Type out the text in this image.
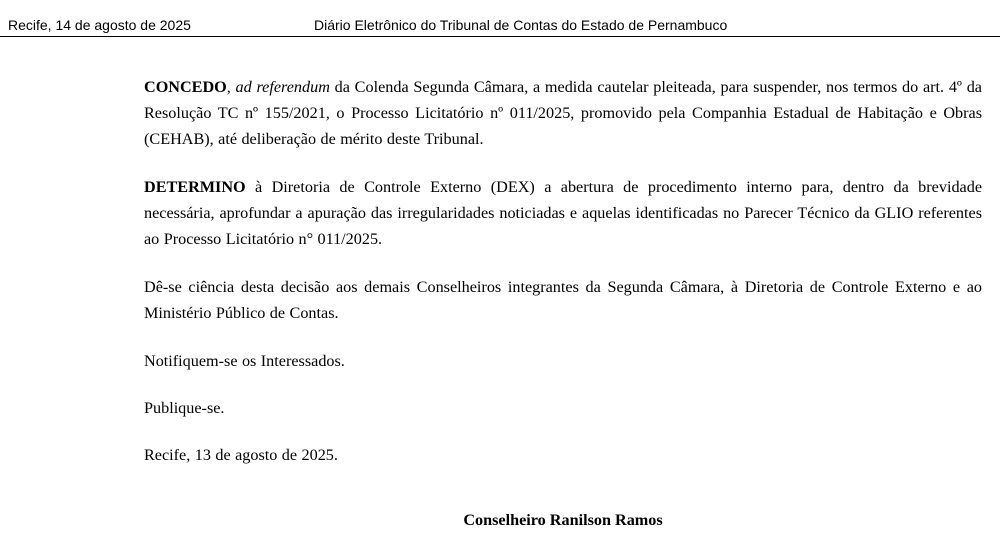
Recife, 14 de agosto de 2025	Diário Eletrônico do Tribunal de Contas do Estado de Pernambuco

CONCEDO, ad referendum da Colenda Segunda Câmara, a medida cautelar pleiteada, para suspender, nos termos do art. 4º da Resolução TC nº 155/2021, o Processo Licitatório nº 011/2025, promovido pela Companhia Estadual de Habitação e Obras (CEHAB), até deliberação de mérito deste Tribunal.

DETERMINO à Diretoria de Controle Externo (DEX) a abertura de procedimento interno para, dentro da brevidade necessária, aprofundar a apuração das irregularidades noticiadas e aquelas identificadas no Parecer Técnico da GLIO referentes ao Processo Licitatório n° 011/2025.

Dê-se ciência desta decisão aos demais Conselheiros integrantes da Segunda Câmara, à Diretoria de Controle Externo e ao Ministério Público de Contas.

Notifiquem-se os Interessados.

Publique-se.

Recife, 13 de agosto de 2025.

Conselheiro Ranilson Ramos
